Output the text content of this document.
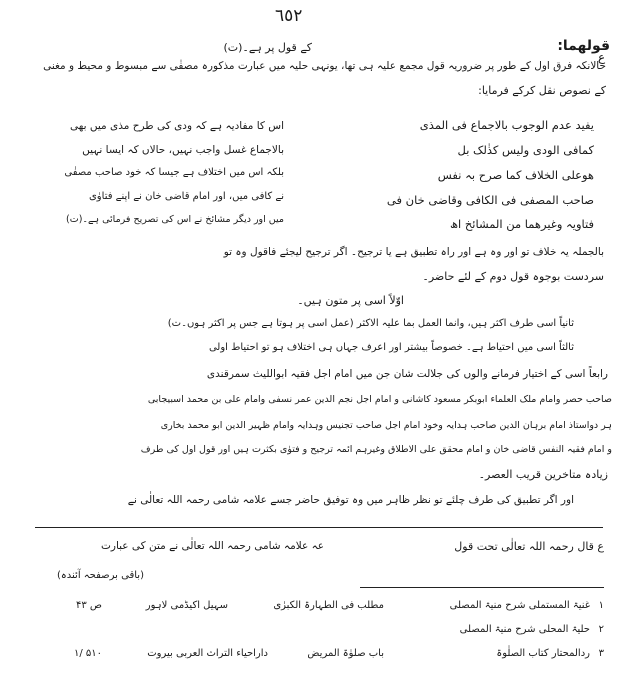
٦٥٢
ع
قولهما:
کے قول پر ہے۔(ت)
حالانکہ فرق اول کے طور پر ضروریہ قول مجمع علیہ ہی تھا، یونہی حلیہ میں عبارت مذکورہ مصفٰی سے مبسوط و محیط و مغنی
کے نصوص نقل کرکے فرمایا:
یفید عدم الوجوب بالاجماع فی المذی
کمافی الودی ولیس کذٰلک بل
ھوعلی الخلاف کما صرح بہ نفس
صاحب المصفی فی الکافی وقاضی خان فی
فتاویہ وغیرھما من المشائخ اھ
اس کا مفادیہ ہے کہ ودی کی طرح مذی میں بھی
بالاجماع غسل واجب نہیں، حالاں کہ ایسا نہیں
بلکہ اس میں اختلاف ہے جیسا کہ خود صاحب مصفٰی
نے کافی میں، اور امام قاضی خان نے اپنے فتاوٰی
میں اور دیگر مشائخ نے اس کی تصریح فرمائی ہے۔(ت)
بالجملہ یہ خلاف تو اور وہ ہے اور راہ تطبیق ہے یا ترجیح۔ اگر ترجیح لیجئے فاقول وہ تو
سردست بوجوہ قول دوم کے لئے حاضر۔
اوّلاً اسی پر متون ہیں۔
ثانیاً اسی طرف اکثر ہیں، وانما العمل بما علیہ الاکثر (عمل اسی پر ہوتا ہے جس پر اکثر ہوں۔ت)
ثالثاً اسی میں احتیاط ہے۔ خصوصاً بیشتر اور اعرف جہاں ہی اختلاف ہو تو احتیاط اولی
رابعاً اسی کے اختیار فرمانے والوں کی جلالت شان جن میں امام اجل فقیہ ابواللیث سمرقندی
صاحب حصر وامام ملک العلماء ابوبکر مسعود کاشانی و امام اجل نجم الدین عمر نسفی وامام علی بن محمد اسبیجابی
ہر دواستاذ امام برہان الدین صاحب ہدایہ وخود امام اجل صاحب تجنیس وہدایہ وامام ظہیر الدین ابو محمد بخاری
و امام فقیہ النفس قاضی خان و امام محقق علی الاطلاق وغیرہم ائمہ ترجیح و فتوٰی بکثرت ہیں اور قول اول کی طرف
زیادہ متاخرین قریب العصر۔
اور اگر تطبیق کی طرف چلئے تو نظر ظاہر میں وہ توفیق حاضر جسے علامہ شامی رحمہ اللہ تعالٰی نے
ع قال رحمہ اللہ تعالٰی تحت قول
عہ علامہ شامی رحمہ اللہ تعالٰی نے متن کی عبارت
(باقی برصفحہ آئندہ)
۱
غنیۃ المستملی شرح منیۃ المصلی
مطلب فی الطہارۃ الکبرٰی
سہیل اکیڈمی لاہور
ص ۴۳
۲
حلیۃ المحلی شرح منیۃ المصلی
۳
ردالمحتار کتاب الصلٰوۃ
باب صلوٰۃ المریض
داراحیاء التراث العربی بیروت
۱/ ۵۱۰
